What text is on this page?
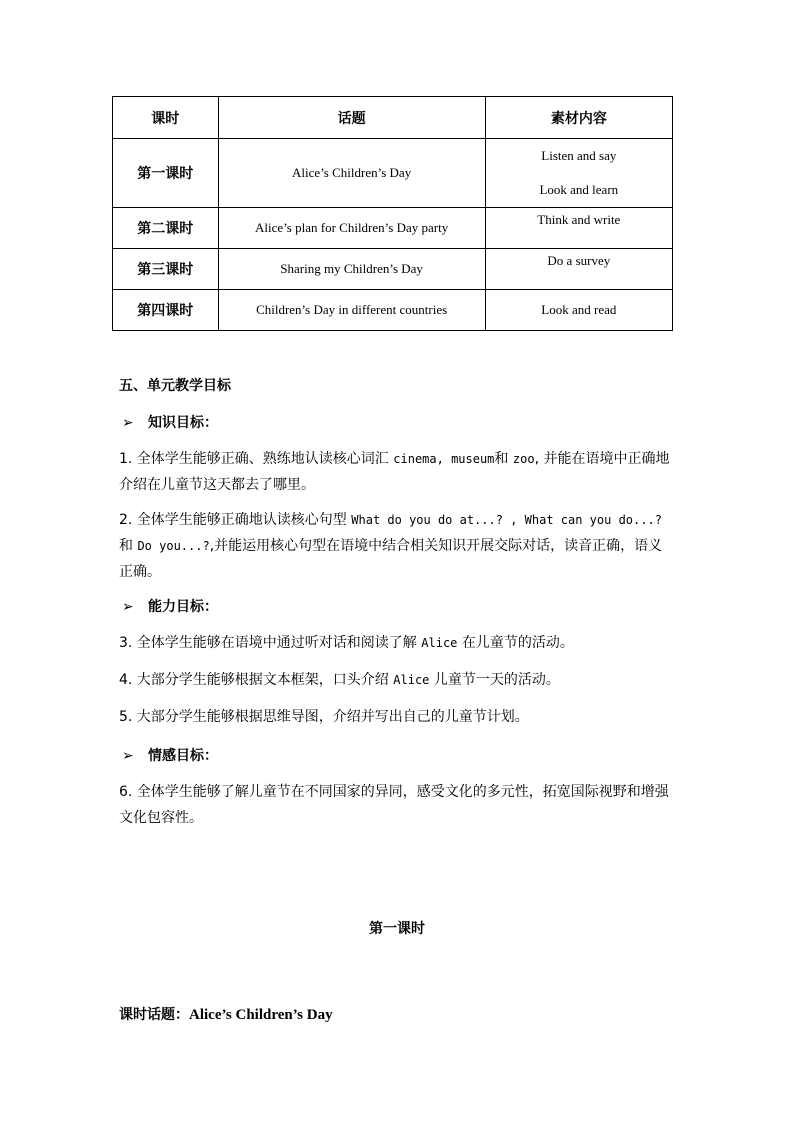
课时	话题	素材内容
第一课时	Alice’s Children’s Day	Listen and say
Look and learn

第二课时	Alice’s plan for Children’s Day party	Think and write
第三课时	Sharing my Children’s Day	Do a survey
第四课时	Children’s Day in different countries	Look and read
五、单元教学目标
➢ 知识目标：
1. 全体学生能够正确、熟练地认读核心词汇 cinema, museum和 zoo, 并能在语境中正确地介绍在儿童节这天都去了哪里。
2. 全体学生能够正确地认读核心句型 What do you do at...? , What can you do...?和 Do you...?,并能运用核心句型在语境中结合相关知识开展交际对话，读音正确，语义正确。
➢ 能力目标：
3. 全体学生能够在语境中通过听对话和阅读了解 Alice 在儿童节的活动。
4. 大部分学生能够根据文本框架，口头介绍 Alice 儿童节一天的活动。
5. 大部分学生能够根据思维导图，介绍并写出自己的儿童节计划。
➢ 情感目标：
6. 全体学生能够了解儿童节在不同国家的异同，感受文化的多元性，拓宽国际视野和增强文化包容性。
第一课时
课时话题：Alice’s Children’s Day
